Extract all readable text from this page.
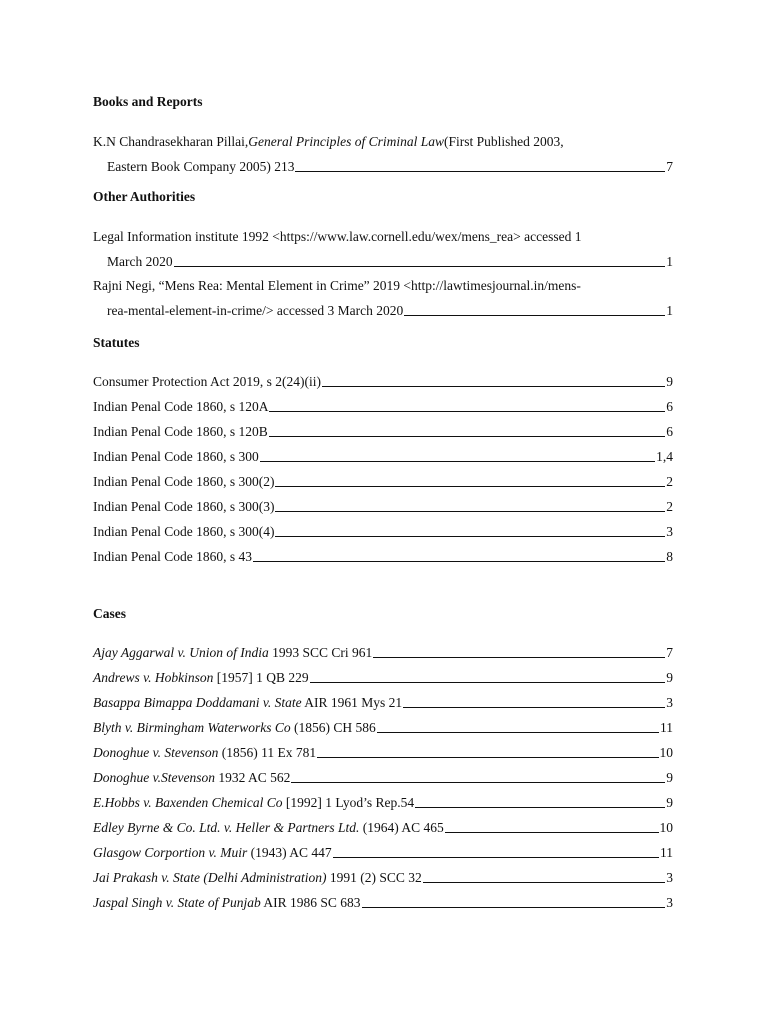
Books and Reports
K.N Chandrasekharan Pillai, General Principles of Criminal Law (First Published 2003,
Eastern Book Company 2005) 213	7
Other Authorities
Legal Information institute 1992 <https://www.law.cornell.edu/wex/mens_rea> accessed 1
March 2020	1
Rajni Negi, “Mens Rea: Mental Element in Crime” 2019 <http://lawtimesjournal.in/mens-
rea-mental-element-in-crime/> accessed 3 March 2020	1
Statutes
Consumer Protection Act 2019, s 2(24)(ii)	9
Indian Penal Code 1860, s 120A	6
Indian Penal Code 1860, s 120B	6
Indian Penal Code 1860, s 300	1,4
Indian Penal Code 1860, s 300(2)	2
Indian Penal Code 1860, s 300(3)	2
Indian Penal Code 1860, s 300(4)	3
Indian Penal Code 1860, s 43	8
Cases
Ajay Aggarwal v. Union of India 1993 SCC Cri 961	7
Andrews v. Hobkinson [1957] 1 QB 229	9
Basappa Bimappa Doddamani v. State AIR 1961 Mys 21	3
Blyth v. Birmingham Waterworks Co (1856) CH 586	11
Donoghue v. Stevenson (1856) 11 Ex 781	10
Donoghue v.Stevenson 1932 AC 562	9
E.Hobbs v. Baxenden Chemical Co [1992] 1 Lyod’s Rep.54	9
Edley Byrne & Co. Ltd. v. Heller & Partners Ltd. (1964) AC 465	10
Glasgow Corportion v. Muir (1943) AC 447	11
Jai Prakash v. State (Delhi Administration) 1991 (2) SCC 32	3
Jaspal Singh v. State of Punjab AIR 1986 SC 683	3
